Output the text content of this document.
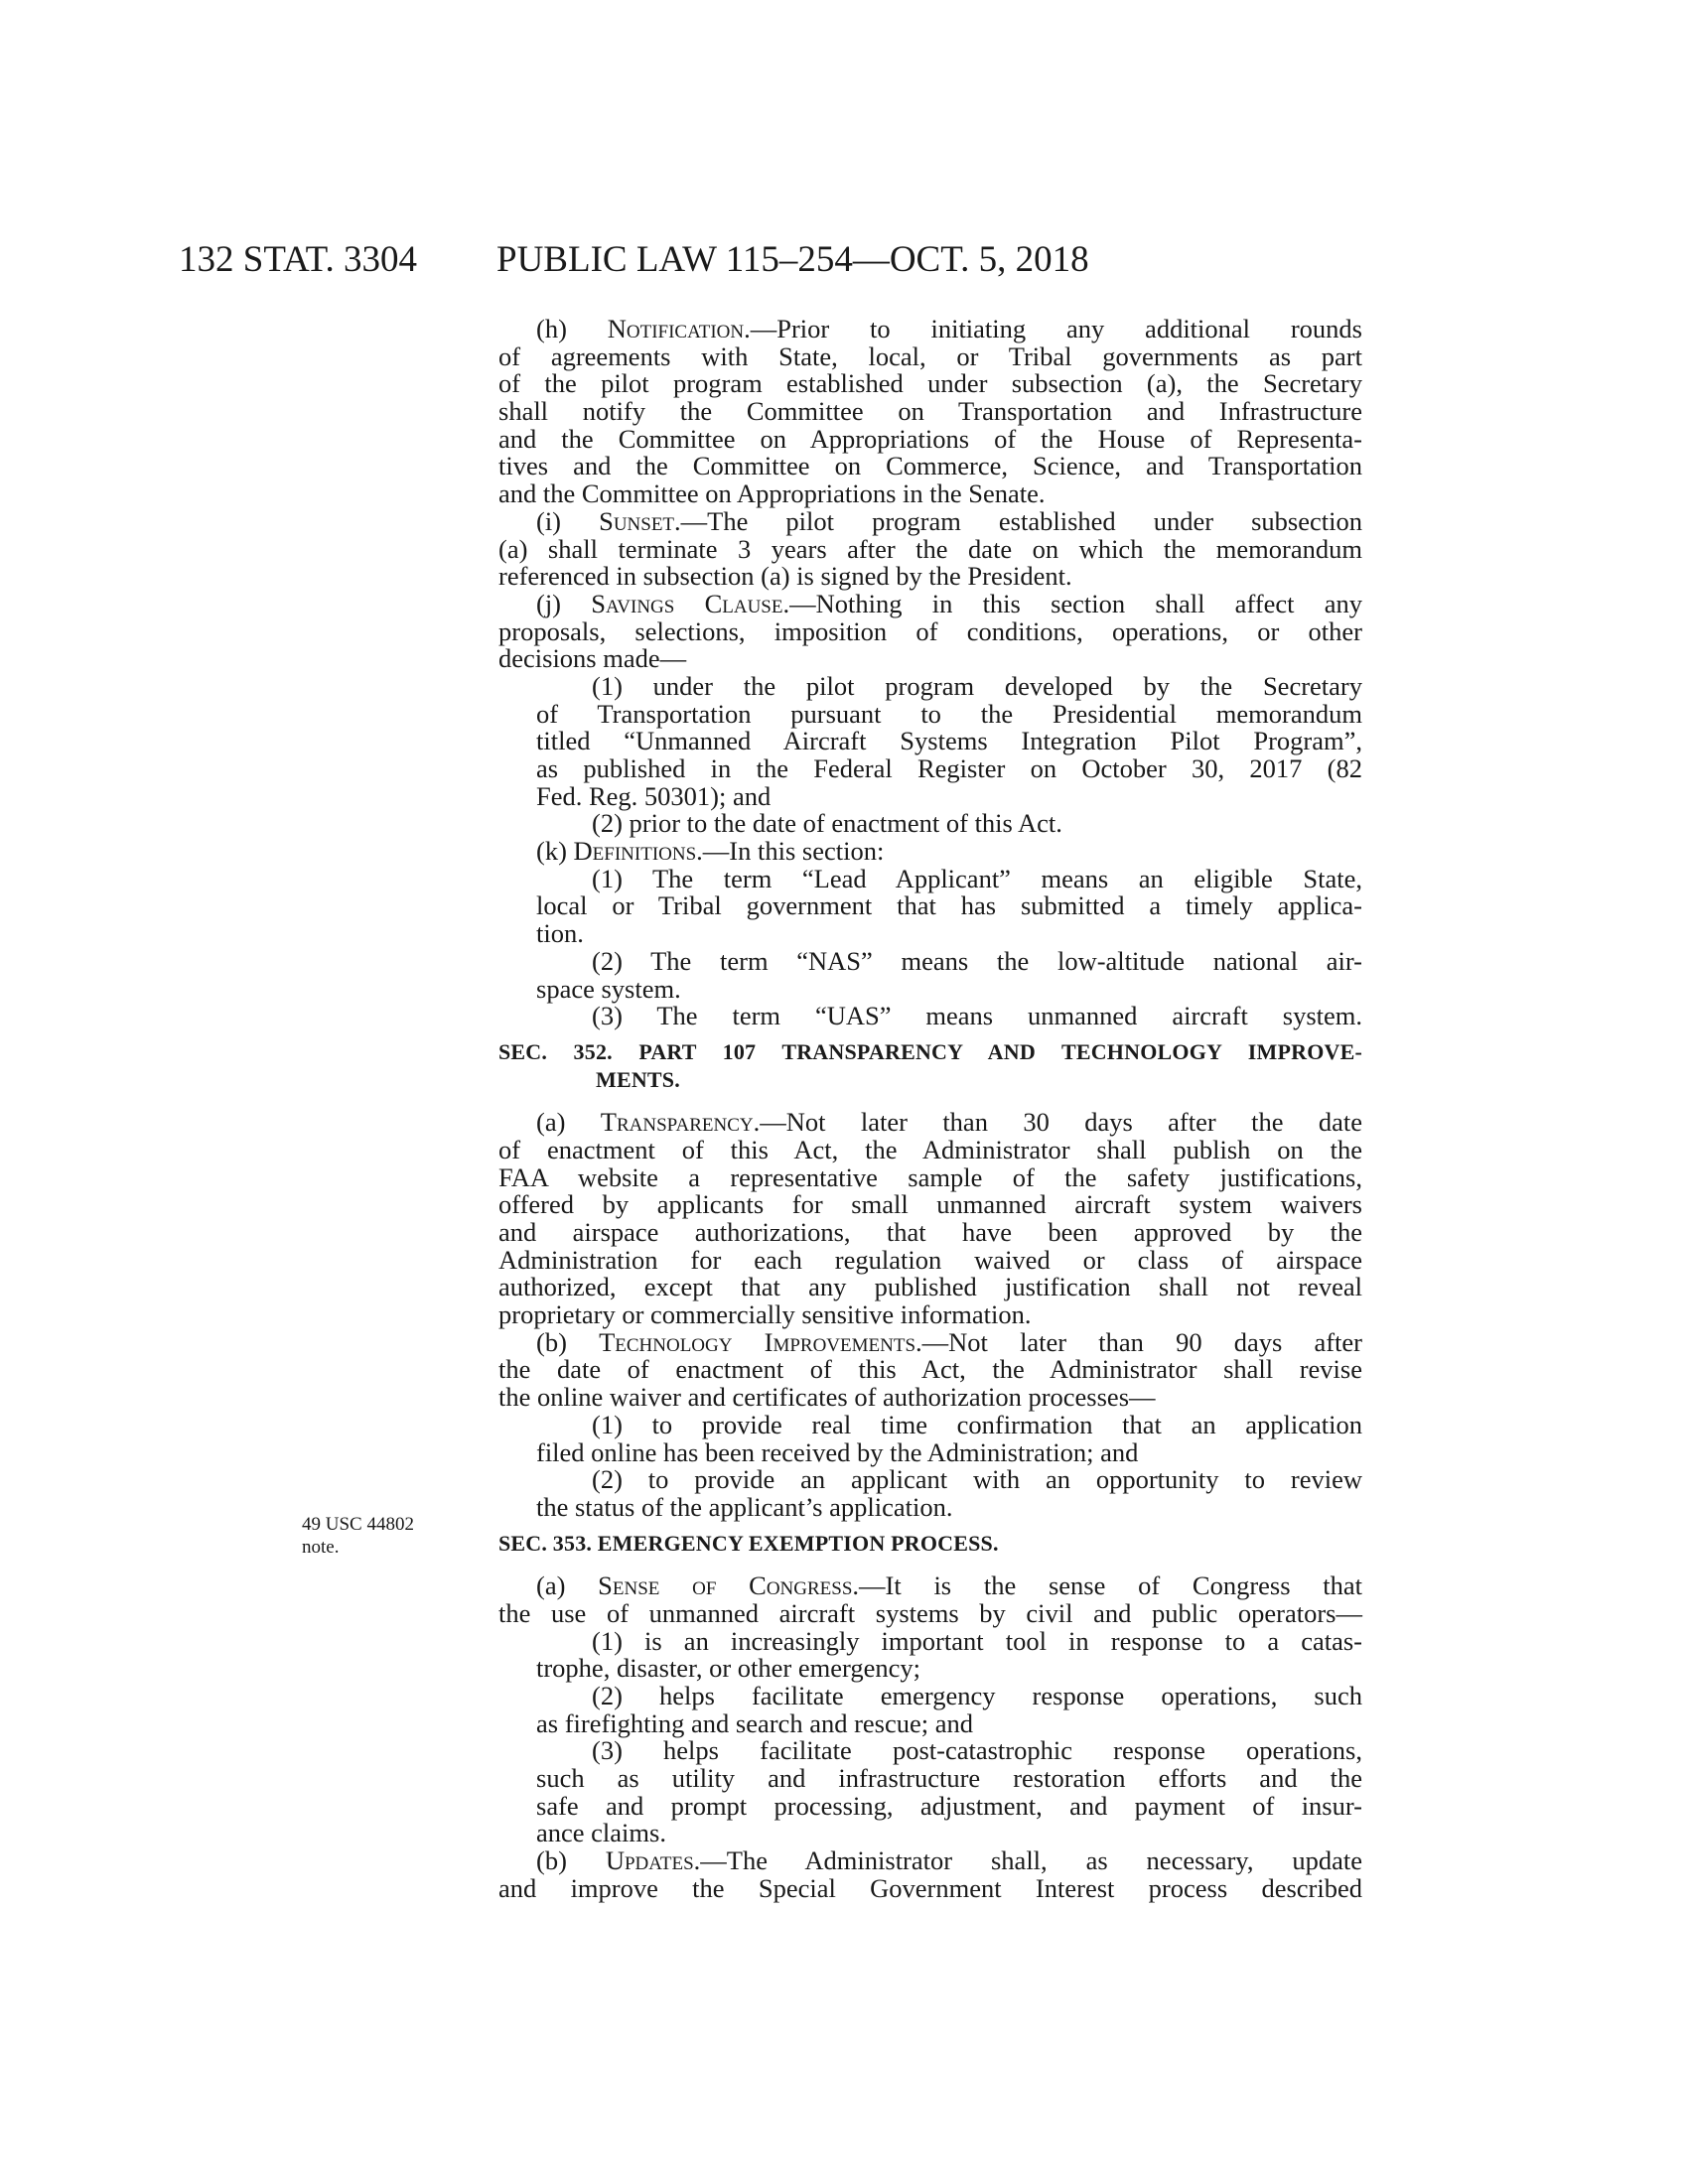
132 STAT. 3304 PUBLIC LAW 115–254—OCT. 5, 2018
49 USC 44802
note.
(h) Notification.—Prior to initiating any additional rounds
of agreements with State, local, or Tribal governments as part
of the pilot program established under subsection (a), the Secretary
shall notify the Committee on Transportation and Infrastructure
and the Committee on Appropriations of the House of Representa-
tives and the Committee on Commerce, Science, and Transportation
and the Committee on Appropriations in the Senate.
(i) Sunset.—The pilot program established under subsection
(a) shall terminate 3 years after the date on which the memorandum
referenced in subsection (a) is signed by the President.
(j) Savings Clause.—Nothing in this section shall affect any
proposals, selections, imposition of conditions, operations, or other
decisions made—
(1) under the pilot program developed by the Secretary
of Transportation pursuant to the Presidential memorandum
titled “Unmanned Aircraft Systems Integration Pilot Program”,
as published in the Federal Register on October 30, 2017 (82
Fed. Reg. 50301); and
(2) prior to the date of enactment of this Act.
(k) Definitions.—In this section:
(1) The term “Lead Applicant” means an eligible State,
local or Tribal government that has submitted a timely applica-
tion.
(2) The term “NAS” means the low-altitude national air-
space system.
(3) The term “UAS” means unmanned aircraft system.
SEC. 352. PART 107 TRANSPARENCY AND TECHNOLOGY IMPROVE-
MENTS.
(a) Transparency.—Not later than 30 days after the date
of enactment of this Act, the Administrator shall publish on the
FAA website a representative sample of the safety justifications,
offered by applicants for small unmanned aircraft system waivers
and airspace authorizations, that have been approved by the
Administration for each regulation waived or class of airspace
authorized, except that any published justification shall not reveal
proprietary or commercially sensitive information.
(b) Technology Improvements.—Not later than 90 days after
the date of enactment of this Act, the Administrator shall revise
the online waiver and certificates of authorization processes—
(1) to provide real time confirmation that an application
filed online has been received by the Administration; and
(2) to provide an applicant with an opportunity to review
the status of the applicant’s application.
SEC. 353. EMERGENCY EXEMPTION PROCESS.
(a) Sense of Congress.—It is the sense of Congress that
the use of unmanned aircraft systems by civil and public operators—
(1) is an increasingly important tool in response to a catas-
trophe, disaster, or other emergency;
(2) helps facilitate emergency response operations, such
as firefighting and search and rescue; and
(3) helps facilitate post-catastrophic response operations,
such as utility and infrastructure restoration efforts and the
safe and prompt processing, adjustment, and payment of insur-
ance claims.
(b) Updates.—The Administrator shall, as necessary, update
and improve the Special Government Interest process described
